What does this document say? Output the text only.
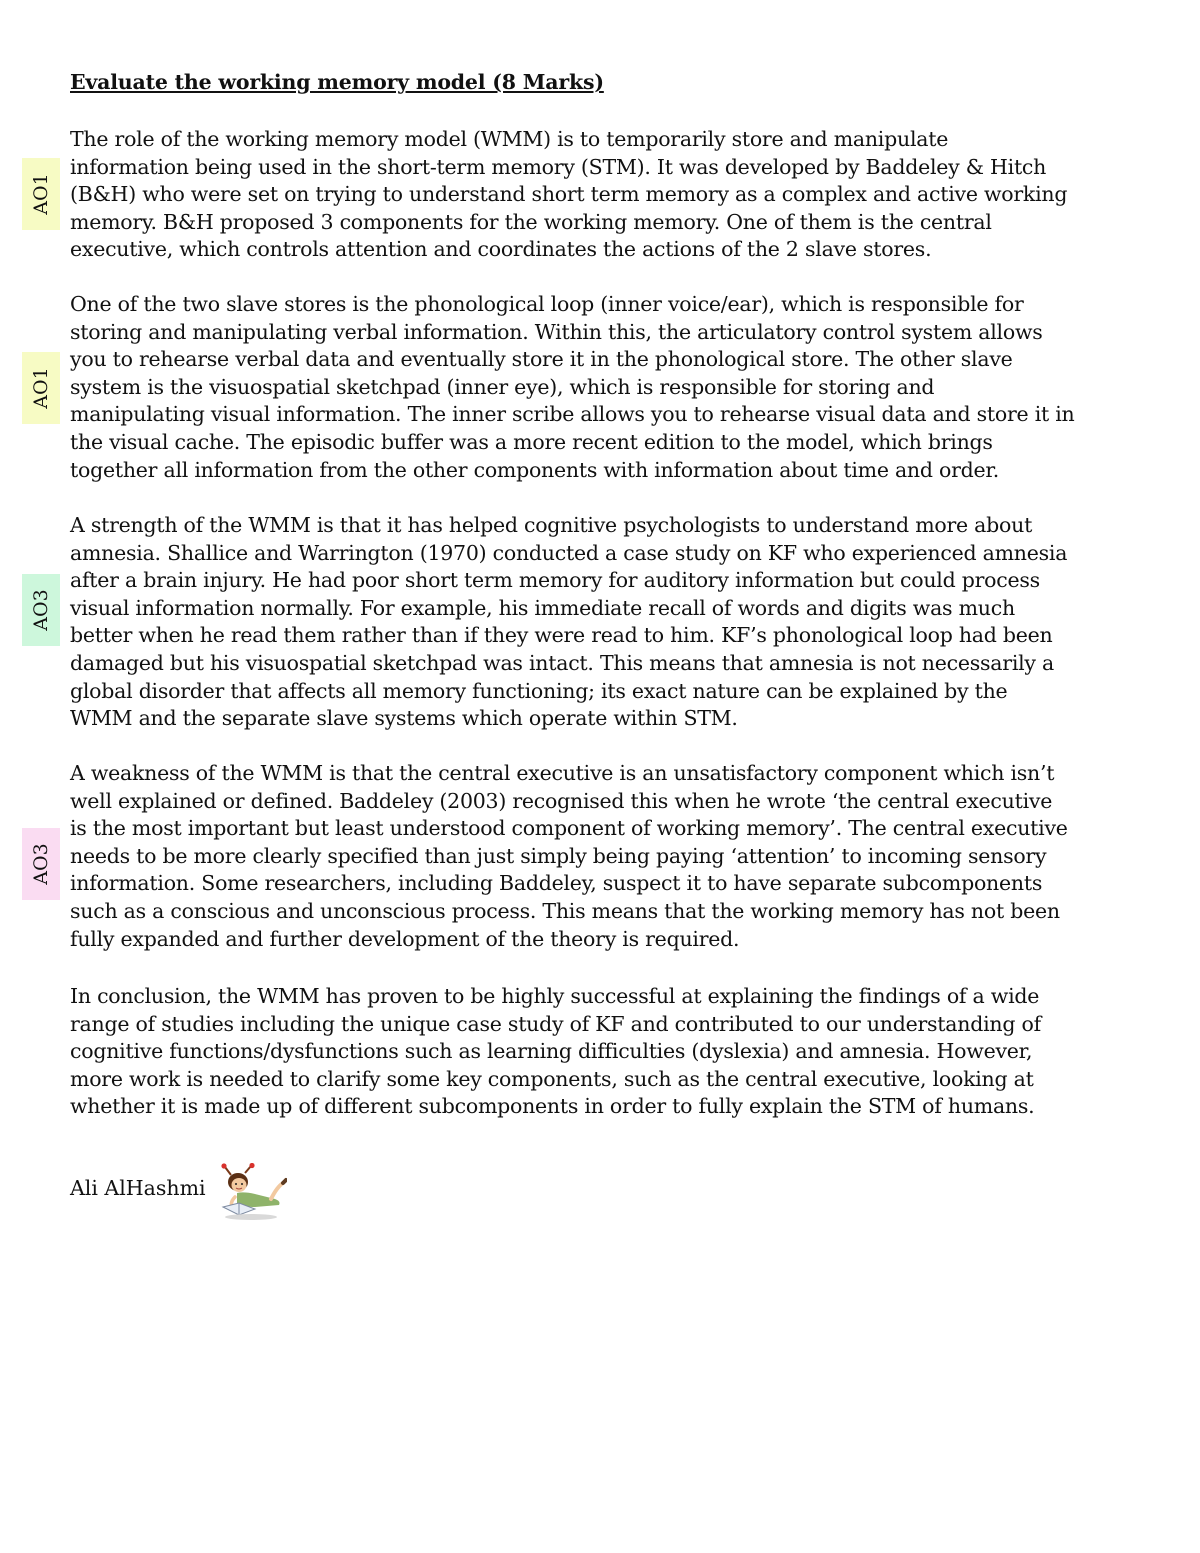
Evaluate the working memory model (8 Marks)
AO1
The role of the working memory model (WMM) is to temporarily store and manipulate
information being used in the short-term memory (STM). It was developed by Baddeley & Hitch
(B&H) who were set on trying to understand short term memory as a complex and active working
memory. B&H proposed 3 components for the working memory. One of them is the central
executive, which controls attention and coordinates the actions of the 2 slave stores.
AO1
One of the two slave stores is the phonological loop (inner voice/ear), which is responsible for
storing and manipulating verbal information. Within this, the articulatory control system allows
you to rehearse verbal data and eventually store it in the phonological store. The other slave
system is the visuospatial sketchpad (inner eye), which is responsible for storing and
manipulating visual information. The inner scribe allows you to rehearse visual data and store it in
the visual cache. The episodic buffer was a more recent edition to the model, which brings
together all information from the other components with information about time and order.
AO3
A strength of the WMM is that it has helped cognitive psychologists to understand more about
amnesia. Shallice and Warrington (1970) conducted a case study on KF who experienced amnesia
after a brain injury. He had poor short term memory for auditory information but could process
visual information normally. For example, his immediate recall of words and digits was much
better when he read them rather than if they were read to him. KF’s phonological loop had been
damaged but his visuospatial sketchpad was intact. This means that amnesia is not necessarily a
global disorder that affects all memory functioning; its exact nature can be explained by the
WMM and the separate slave systems which operate within STM.
AO3
A weakness of the WMM is that the central executive is an unsatisfactory component which isn’t
well explained or defined. Baddeley (2003) recognised this when he wrote ‘the central executive
is the most important but least understood component of working memory’. The central executive
needs to be more clearly specified than just simply being paying ‘attention’ to incoming sensory
information. Some researchers, including Baddeley, suspect it to have separate subcomponents
such as a conscious and unconscious process. This means that the working memory has not been
fully expanded and further development of the theory is required.
In conclusion, the WMM has proven to be highly successful at explaining the findings of a wide
range of studies including the unique case study of KF and contributed to our understanding of
cognitive functions/dysfunctions such as learning difficulties (dyslexia) and amnesia. However,
more work is needed to clarify some key components, such as the central executive, looking at
whether it is made up of different subcomponents in order to fully explain the STM of humans.
Ali AlHashmi
